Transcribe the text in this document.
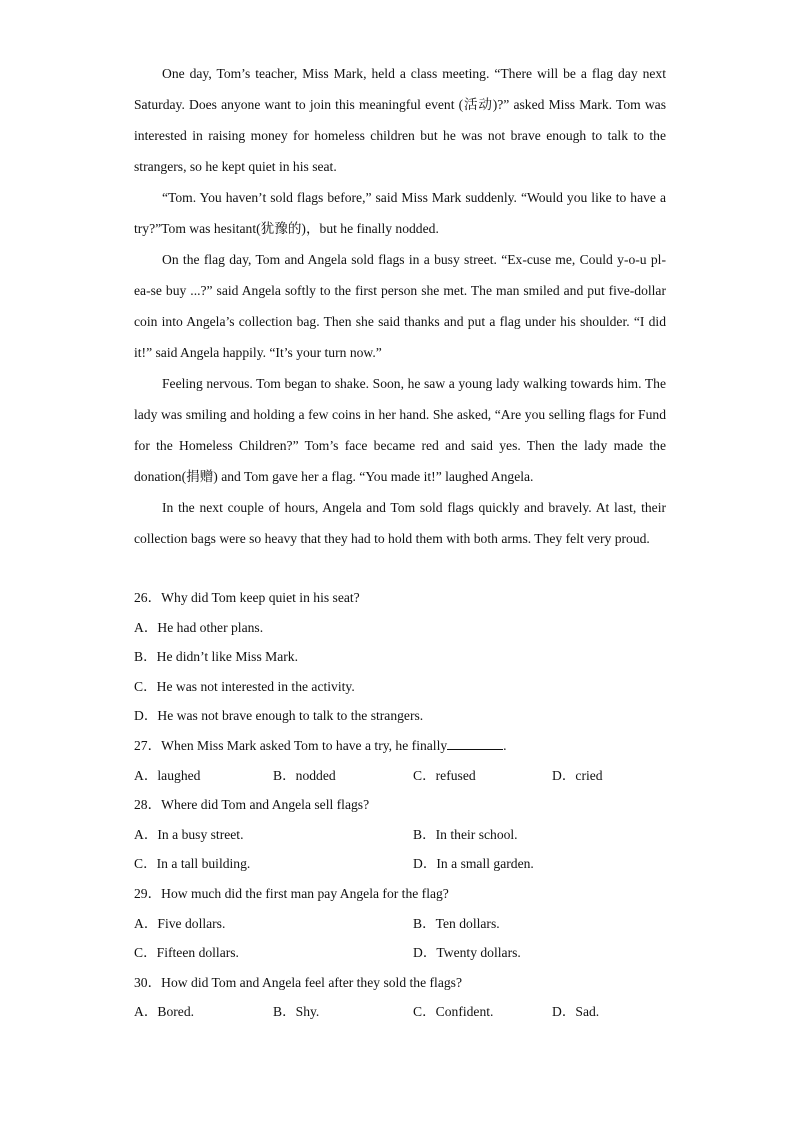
One day, Tom’s teacher, Miss Mark, held a class meeting. “There will be a flag day next Saturday. Does anyone want to join this meaningful event (活动)?” asked Miss Mark. Tom was interested in raising money for homeless children but he was not brave enough to talk to the strangers, so he kept quiet in his seat.

“Tom. You haven’t sold flags before,” said Miss Mark suddenly. “Would you like to have a try?”Tom was hesitant(犹豫的)，but he finally nodded.

On the flag day, Tom and Angela sold flags in a busy street. “Ex-cuse me, Could y-o-u pl-ea-se buy ...?” said Angela softly to the first person she met. The man smiled and put five-dollar coin into Angela’s collection bag. Then she said thanks and put a flag under his shoulder. “I did it!” said Angela happily. “It’s your turn now.”

Feeling nervous. Tom began to shake. Soon, he saw a young lady walking towards him. The lady was smiling and holding a few coins in her hand. She asked, “Are you selling flags for Fund for the Homeless Children?” Tom’s face became red and said yes. Then the lady made the donation(捐赠) and Tom gave her a flag. “You made it!” laughed Angela.

In the next couple of hours, Angela and Tom sold flags quickly and bravely. At last, their collection bags were so heavy that they had to hold them with both arms. They felt very proud.

26．Why did Tom keep quiet in his seat?
A．He had other plans.
B．He didn’t like Miss Mark.
C．He was not interested in the activity.
D．He was not brave enough to talk to the strangers.
27．When Miss Mark asked Tom to have a try, he finally	.
A．laughed	B．nodded	C．refused	D．cried
28．Where did Tom and Angela sell flags?
A．In a busy street.	B．In their school.
C．In a tall building.	D．In a small garden.
29．How much did the first man pay Angela for the flag?
A．Five dollars.	B．Ten dollars.
C．Fifteen dollars.	D．Twenty dollars.
30．How did Tom and Angela feel after they sold the flags?
A．Bored.	B．Shy.	C．Confident.	D．Sad.
